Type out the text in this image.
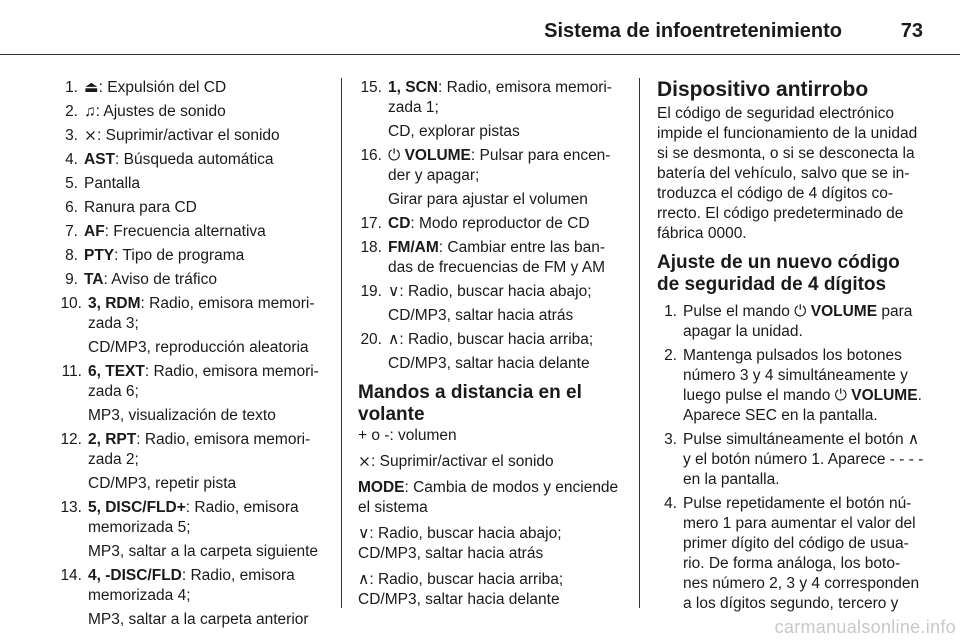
Sistema de infoentretenimiento	73
1. ⏏: Expulsión del CD
2. ♫: Ajustes de sonido
3. ⨯: Suprimir/activar el sonido
4. AST: Búsqueda automática
5. Pantalla
6. Ranura para CD
7. AF: Frecuencia alternativa
8. PTY: Tipo de programa
9. TA: Aviso de tráfico
10. 3, RDM: Radio, emisora memori-zada 3;
CD/MP3, reproducción aleatoria
11. 6, TEXT: Radio, emisora memori-zada 6;
MP3, visualización de texto
12. 2, RPT: Radio, emisora memori-zada 2;
CD/MP3, repetir pista
13. 5, DISC/FLD+: Radio, emisora memorizada 5;
MP3, saltar a la carpeta siguiente
14. 4, -DISC/FLD: Radio, emisora memorizada 4;
MP3, saltar a la carpeta anterior
15. 1, SCN: Radio, emisora memori-zada 1;
CD, explorar pistas
16. ⏻ VOLUME: Pulsar para encen-der y apagar;
Girar para ajustar el volumen
17. CD: Modo reproductor de CD
18. FM/AM: Cambiar entre las ban-das de frecuencias de FM y AM
19. ∨: Radio, buscar hacia abajo;
CD/MP3, saltar hacia atrás
20. ∧: Radio, buscar hacia arriba;
CD/MP3, saltar hacia delante
Mandos a distancia en el volante
+ o -: volumen
⨯: Suprimir/activar el sonido
MODE: Cambia de modos y enciende el sistema
∨: Radio, buscar hacia abajo; CD/MP3, saltar hacia atrás
∧: Radio, buscar hacia arriba; CD/MP3, saltar hacia delante
Dispositivo antirrobo
El código de seguridad electrónico impide el funcionamiento de la unidad si se desmonta, o si se desconecta la batería del vehículo, salvo que se in-troduzca el código de 4 dígitos co-rrecto. El código predeterminado de fábrica 0000.
Ajuste de un nuevo código de seguridad de 4 dígitos
1. Pulse el mando ⏻ VOLUME para apagar la unidad.
2. Mantenga pulsados los botones número 3 y 4 simultáneamente y luego pulse el mando ⏻ VOLUME. Aparece SEC en la pantalla.
3. Pulse simultáneamente el botón ∧ y el botón número 1. Aparece - - - - en la pantalla.
4. Pulse repetidamente el botón nú-mero 1 para aumentar el valor del primer dígito del código de usua-rio. De forma análoga, los boto-nes número 2, 3 y 4 corresponden a los dígitos segundo, tercero y
carmanualsonline.info
